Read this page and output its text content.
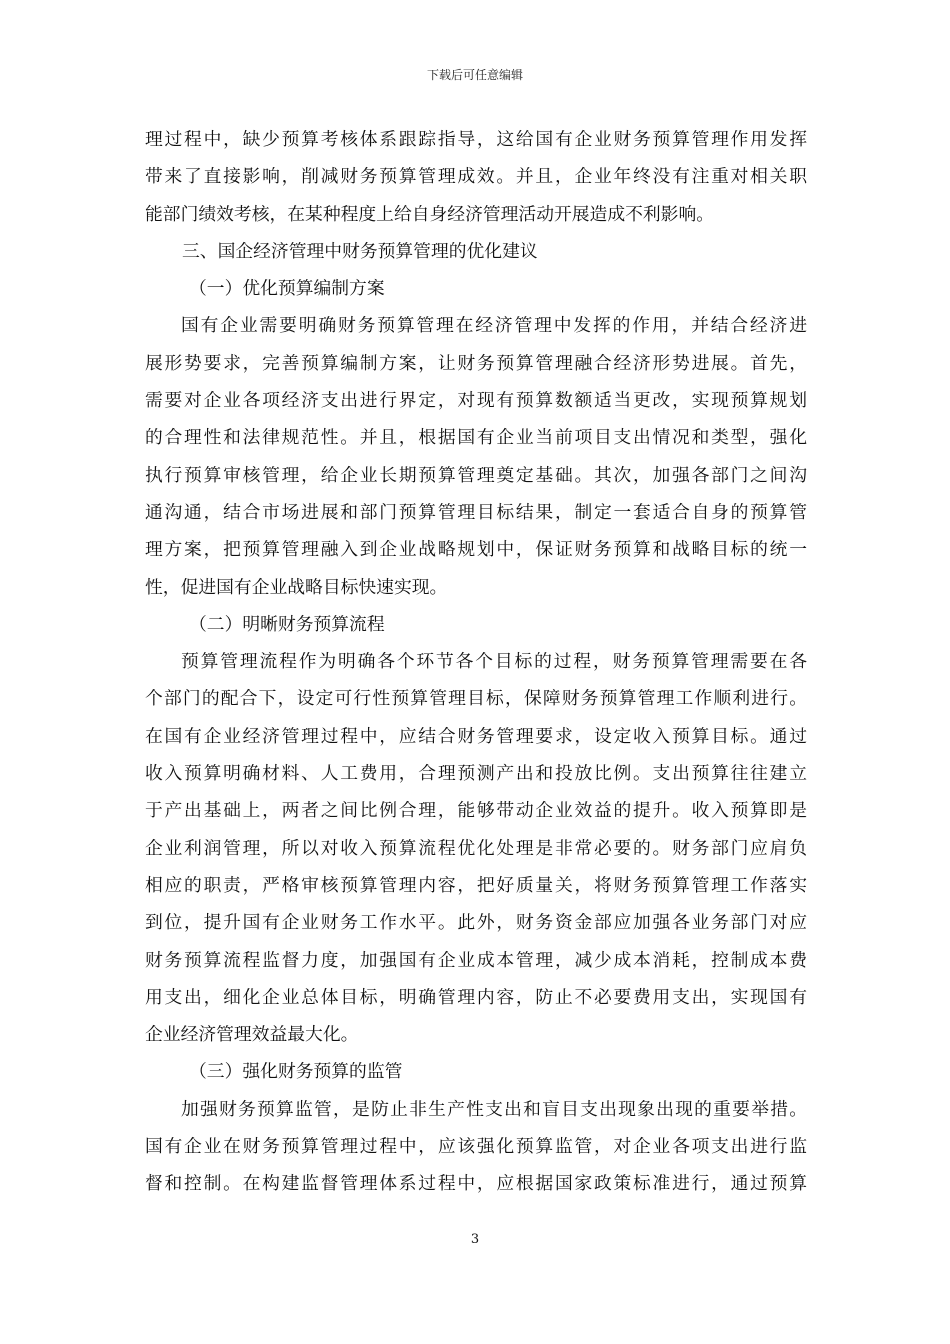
下载后可任意编辑
理过程中，缺少预算考核体系跟踪指导，这给国有企业财务预算管理作用发挥
带来了直接影响，削减财务预算管理成效。并且，企业年终没有注重对相关职
能部门绩效考核，在某种程度上给自身经济管理活动开展造成不利影响。
三、国企经济管理中财务预算管理的优化建议
（一）优化预算编制方案
国有企业需要明确财务预算管理在经济管理中发挥的作用，并结合经济进
展形势要求，完善预算编制方案，让财务预算管理融合经济形势进展。首先，
需要对企业各项经济支出进行界定，对现有预算数额适当更改，实现预算规划
的合理性和法律规范性。并且，根据国有企业当前项目支出情况和类型，强化
执行预算审核管理，给企业长期预算管理奠定基础。其次，加强各部门之间沟
通沟通，结合市场进展和部门预算管理目标结果，制定一套适合自身的预算管
理方案，把预算管理融入到企业战略规划中，保证财务预算和战略目标的统一
性，促进国有企业战略目标快速实现。
（二）明晰财务预算流程
预算管理流程作为明确各个环节各个目标的过程，财务预算管理需要在各
个部门的配合下，设定可行性预算管理目标，保障财务预算管理工作顺利进行。
在国有企业经济管理过程中，应结合财务管理要求，设定收入预算目标。通过
收入预算明确材料、人工费用，合理预测产出和投放比例。支出预算往往建立
于产出基础上，两者之间比例合理，能够带动企业效益的提升。收入预算即是
企业利润管理，所以对收入预算流程优化处理是非常必要的。财务部门应肩负
相应的职责，严格审核预算管理内容，把好质量关，将财务预算管理工作落实
到位，提升国有企业财务工作水平。此外，财务资金部应加强各业务部门对应
财务预算流程监督力度，加强国有企业成本管理，减少成本消耗，控制成本费
用支出，细化企业总体目标，明确管理内容，防止不必要费用支出，实现国有
企业经济管理效益最大化。
（三）强化财务预算的监管
加强财务预算监管，是防止非生产性支出和盲目支出现象出现的重要举措。
国有企业在财务预算管理过程中，应该强化预算监管，对企业各项支出进行监
督和控制。在构建监督管理体系过程中，应根据国家政策标准进行，通过预算
3
